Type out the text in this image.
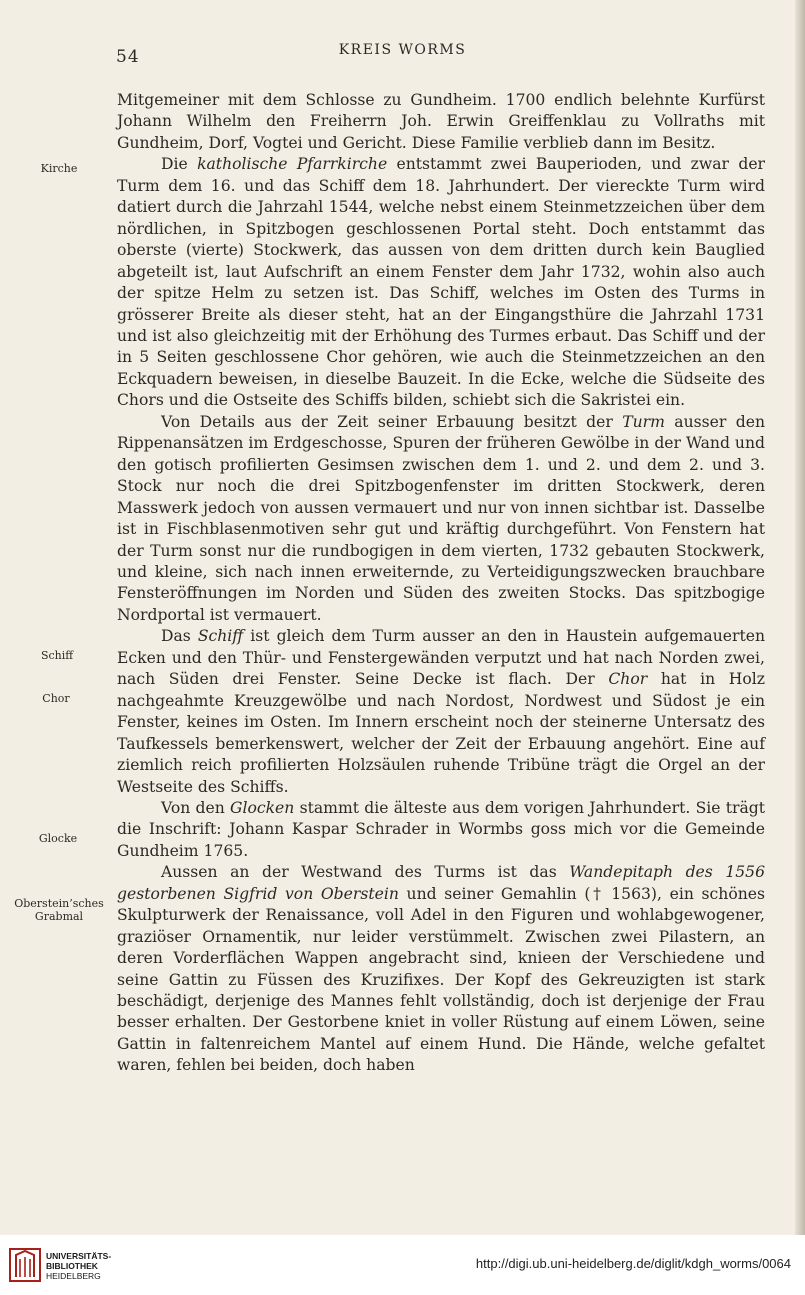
54	KREIS WORMS
Kirche
Schiff
Chor
Glocke
Oberstein’sches
Grabmal

Mitgemeiner mit dem Schlosse zu Gundheim. 1700 endlich belehnte Kurfürst Johann Wilhelm den Freiherrn Joh. Erwin Greiffenklau zu Vollraths mit Gundheim, Dorf, Vogtei und Gericht. Diese Familie verblieb dann im Besitz.

Die katholische Pfarrkirche entstammt zwei Bauperioden, und zwar der Turm dem 16. und das Schiff dem 18. Jahrhundert. Der viereckte Turm wird datiert durch die Jahrzahl 1544, welche nebst einem Steinmetzzeichen über dem nördlichen, in Spitzbogen geschlossenen Portal steht. Doch entstammt das oberste (vierte) Stockwerk, das aussen von dem dritten durch kein Bauglied abgeteilt ist, laut Aufschrift an einem Fenster dem Jahr 1732, wohin also auch der spitze Helm zu setzen ist. Das Schiff, welches im Osten des Turms in grösserer Breite als dieser steht, hat an der Eingangsthüre die Jahrzahl 1731 und ist also gleichzeitig mit der Erhöhung des Turmes erbaut. Das Schiff und der in 5 Seiten geschlossene Chor gehören, wie auch die Steinmetzzeichen an den Eckquadern beweisen, in dieselbe Bauzeit. In die Ecke, welche die Südseite des Chors und die Ostseite des Schiffs bilden, schiebt sich die Sakristei ein.

Von Details aus der Zeit seiner Erbauung besitzt der Turm ausser den Rippenansätzen im Erdgeschosse, Spuren der früheren Gewölbe in der Wand und den gotisch profilierten Gesimsen zwischen dem 1. und 2. und dem 2. und 3. Stock nur noch die drei Spitzbogenfenster im dritten Stockwerk, deren Masswerk jedoch von aussen vermauert und nur von innen sichtbar ist. Dasselbe ist in Fischblasenmotiven sehr gut und kräftig durchgeführt. Von Fenstern hat der Turm sonst nur die rundbogigen in dem vierten, 1732 gebauten Stockwerk, und kleine, sich nach innen erweiternde, zu Verteidigungszwecken brauchbare Fensteröffnungen im Norden und Süden des zweiten Stocks. Das spitzbogige Nordportal ist vermauert.

Das Schiff ist gleich dem Turm ausser an den in Haustein aufgemauerten Ecken und den Thür- und Fenstergewänden verputzt und hat nach Norden zwei, nach Süden drei Fenster. Seine Decke ist flach. Der Chor hat in Holz nachgeahmte Kreuzgewölbe und nach Nordost, Nordwest und Südost je ein Fenster, keines im Osten. Im Innern erscheint noch der steinerne Untersatz des Taufkessels bemerkenswert, welcher der Zeit der Erbauung angehört. Eine auf ziemlich reich profilierten Holzsäulen ruhende Tribüne trägt die Orgel an der Westseite des Schiffs.

Von den Glocken stammt die älteste aus dem vorigen Jahrhundert. Sie trägt die Inschrift: Johann Kaspar Schrader in Wormbs goss mich vor die Gemeinde Gundheim 1765.

Aussen an der Westwand des Turms ist das Wandepitaph des 1556 gestorbenen Sigfrid von Oberstein und seiner Gemahlin († 1563), ein schönes Skulpturwerk der Renaissance, voll Adel in den Figuren und wohlabgewogener, graziöser Ornamentik, nur leider verstümmelt. Zwischen zwei Pilastern, an deren Vorderflächen Wappen angebracht sind, knieen der Verschiedene und seine Gattin zu Füssen des Kruzifixes. Der Kopf des Gekreuzigten ist stark beschädigt, derjenige des Mannes fehlt vollständig, doch ist derjenige der Frau besser erhalten. Der Gestorbene kniet in voller Rüstung auf einem Löwen, seine Gattin in faltenreichem Mantel auf einem Hund. Die Hände, welche gefaltet waren, fehlen bei beiden, doch haben

UNIVERSITÄTS-
BIBLIOTHEK
HEIDELBERG
http://digi.ub.uni-heidelberg.de/diglit/kdgh_worms/0064
